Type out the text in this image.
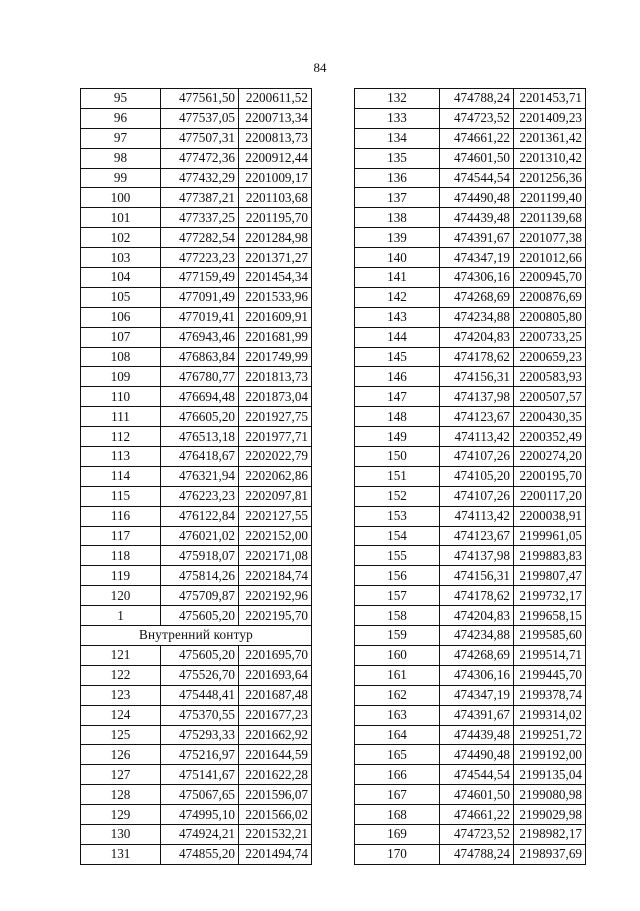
84
95	477561,50	2200611,52
96	477537,05	2200713,34
97	477507,31	2200813,73
98	477472,36	2200912,44
99	477432,29	2201009,17
100	477387,21	2201103,68
101	477337,25	2201195,70
102	477282,54	2201284,98
103	477223,23	2201371,27
104	477159,49	2201454,34
105	477091,49	2201533,96
106	477019,41	2201609,91
107	476943,46	2201681,99
108	476863,84	2201749,99
109	476780,77	2201813,73
110	476694,48	2201873,04
111	476605,20	2201927,75
112	476513,18	2201977,71
113	476418,67	2202022,79
114	476321,94	2202062,86
115	476223,23	2202097,81
116	476122,84	2202127,55
117	476021,02	2202152,00
118	475918,07	2202171,08
119	475814,26	2202184,74
120	475709,87	2202192,96
1	475605,20	2202195,70
Внутренний контур		
121	475605,20	2201695,70
122	475526,70	2201693,64
123	475448,41	2201687,48
124	475370,55	2201677,23
125	475293,33	2201662,92
126	475216,97	2201644,59
127	475141,67	2201622,28
128	475067,65	2201596,07
129	474995,10	2201566,02
130	474924,21	2201532,21
131	474855,20	2201494,74
132	474788,24	2201453,71
133	474723,52	2201409,23
134	474661,22	2201361,42
135	474601,50	2201310,42
136	474544,54	2201256,36
137	474490,48	2201199,40
138	474439,48	2201139,68
139	474391,67	2201077,38
140	474347,19	2201012,66
141	474306,16	2200945,70
142	474268,69	2200876,69
143	474234,88	2200805,80
144	474204,83	2200733,25
145	474178,62	2200659,23
146	474156,31	2200583,93
147	474137,98	2200507,57
148	474123,67	2200430,35
149	474113,42	2200352,49
150	474107,26	2200274,20
151	474105,20	2200195,70
152	474107,26	2200117,20
153	474113,42	2200038,91
154	474123,67	2199961,05
155	474137,98	2199883,83
156	474156,31	2199807,47
157	474178,62	2199732,17
158	474204,83	2199658,15
159	474234,88	2199585,60
160	474268,69	2199514,71
161	474306,16	2199445,70
162	474347,19	2199378,74
163	474391,67	2199314,02
164	474439,48	2199251,72
165	474490,48	2199192,00
166	474544,54	2199135,04
167	474601,50	2199080,98
168	474661,22	2199029,98
169	474723,52	2198982,17
170	474788,24	2198937,69
